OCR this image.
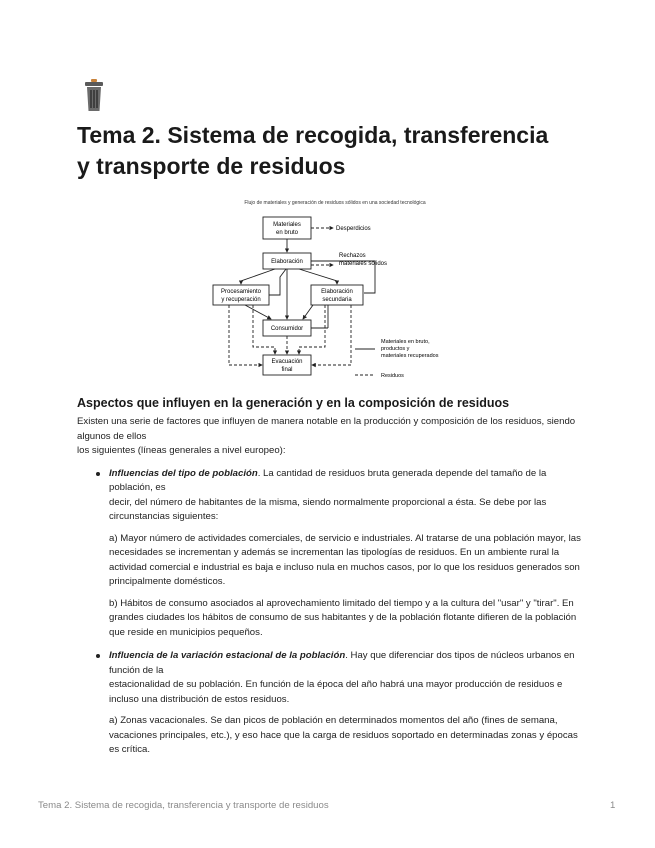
Tema 2. Sistema de recogida, transferencia
y transporte de residuos
Flujo de materiales y generación de residuos sólidos en una sociedad tecnológica
Materiales
en bruto
Elaboración
Procesamiento
y recuperación
Elaboración
secundaria
Consumidor
Evacuación
final
Desperdicios
Rechazos
materiales sólidos
Materiales en bruto,
productos y
materiales recuperados
Residuos
Aspectos que influyen en la generación y en la composición de residuos

Existen una serie de factores que influyen de manera notable en la producción y composición de los residuos, siendo algunos de ellos

los siguientes (líneas generales a nivel europeo):

Influencias del tipo de población. La cantidad de residuos bruta generada depende del tamaño de la población, es

decir, del número de habitantes de la misma, siendo normalmente proporcional a ésta. Se debe por las circunstancias siguientes:

a) Mayor número de actividades comerciales, de servicio e industriales. Al tratarse de una población mayor, las necesidades se incrementan y además se incrementan las tipologías de residuos. En un ambiente rural la actividad comercial e industrial es baja e incluso nula en muchos casos, por lo que los residuos generados son principalmente domésticos.

b) Hábitos de consumo asociados al aprovechamiento limitado del tiempo y a la cultura del "usar" y "tirar". En grandes ciudades los hábitos de consumo de sus habitantes y de la población flotante difieren de la población que reside en municipios pequeños.

Influencia de la variación estacional de la población. Hay que diferenciar dos tipos de núcleos urbanos en función de la

estacionalidad de su población. En función de la época del año habrá una mayor producción de residuos e incluso una distribución de estos residuos.

a) Zonas vacacionales. Se dan picos de población en determinados momentos del año (fines de semana, vacaciones principales, etc.), y eso hace que la carga de residuos soportado en determinadas zonas y épocas es crítica.

Tema 2. Sistema de recogida, transferencia y transporte de residuos	1
